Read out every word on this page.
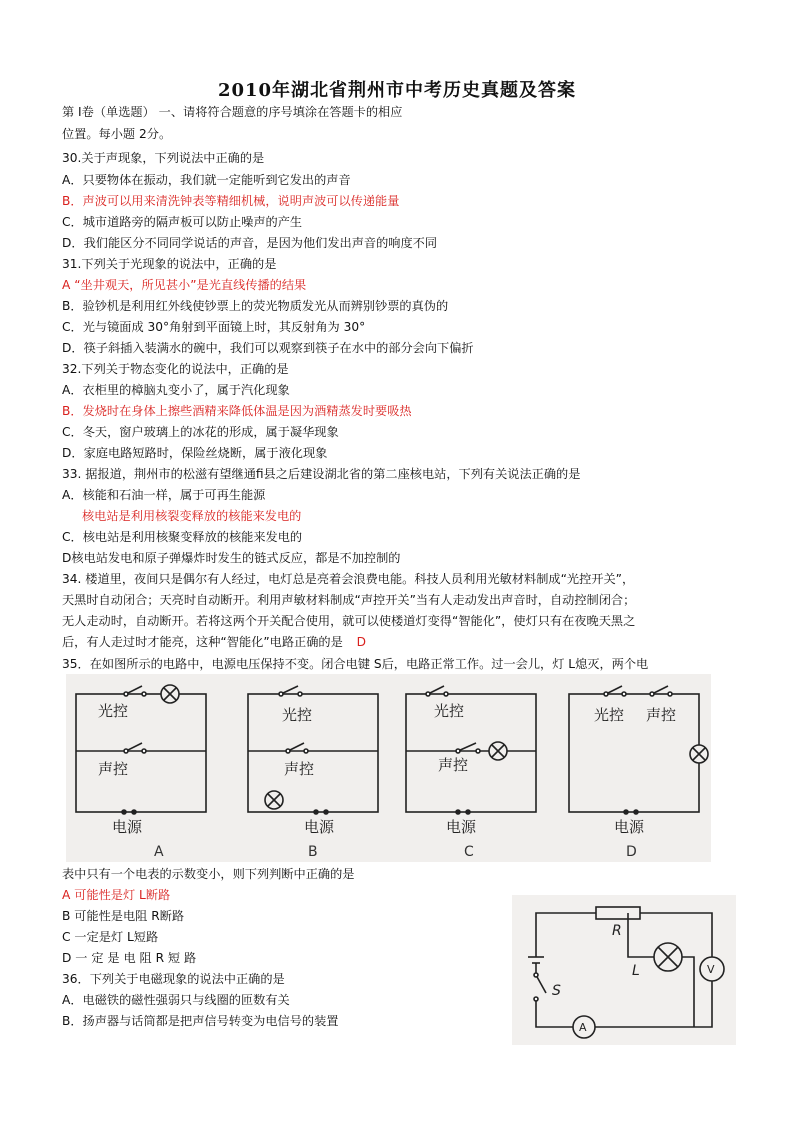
2010年湖北省荆州市中考历史真题及答案
第 I卷（单选题） 一、请将符合题意的序号填涂在答题卡的相应
位置。每小题 2分。
30.关于声现象，下列说法中正确的是
A．只要物体在振动，我们就一定能听到它发出的声音
B．声波可以用来清洗钟表等精细机械，说明声波可以传递能量
C．城市道路旁的隔声板可以防止噪声的产生
D．我们能区分不同同学说话的声音，是因为他们发出声音的响度不同
31.下列关于光现象的说法中，正确的是
A “坐井观天，所见甚小”是光直线传播的结果
B．验钞机是利用红外线使钞票上的荧光物质发光从而辨别钞票的真伪的
C．光与镜面成 30°角射到平面镜上时，其反射角为 30°
D．筷子斜插入装满水的碗中，我们可以观察到筷子在水中的部分会向下偏折
32.下列关于物态变化的说法中，正确的是
A．衣柜里的樟脑丸变小了，属于汽化现象
B．发烧时在身体上擦些酒精来降低体温是因为酒精蒸发时要吸热
C．冬天，窗户玻璃上的冰花的形成，属于凝华现象
D．家庭电路短路时，保险丝烧断，属于液化现象
33. 据报道，荆州市的松滋有望继通fi县之后建设湖北省的第二座核电站，下列有关说法正确的是
A．核能和石油一样，属于可再生能源
核电站是利用核裂变释放的核能来发电的
C．核电站是利用核聚变释放的核能来发电的
D核电站发电和原子弹爆炸时发生的链式反应，都是不加控制的
34. 楼道里，夜间只是偶尔有人经过，电灯总是亮着会浪费电能。科技人员利用光敏材料制成“光控开关”，
天黑时自动闭合；天亮时自动断开。利用声敏材料制成“声控开关”当有人走动发出声音时，自动控制闭合；
无人走动时，自动断开。若将这两个开关配合使用，就可以使楼道灯变得“智能化”，使灯只有在夜晚天黑之
后，有人走过时才能亮，这种“智能化”电路正确的是 D
35．在如图所示的电路中，电源电压保持不变。闭合电键 S后，电路正常工作。过一会儿，灯 L熄灭，两个电
光控
声控
电源
光控
声控
电源
光控
声控
电源
光控 声控
电源
A	B	C	D
表中只有一个电表的示数变小，则下列判断中正确的是
A 可能性是灯 L断路
B 可能性是电阻 R断路
C 一定是灯 L短路
D 一 定 是 电 阻 R 短 路
36．下列关于电磁现象的说法中正确的是
A．电磁铁的磁性强弱只与线圈的匝数有关
B．扬声器与话筒都是把声信号转变为电信号的装置
R
L
S
V
A
